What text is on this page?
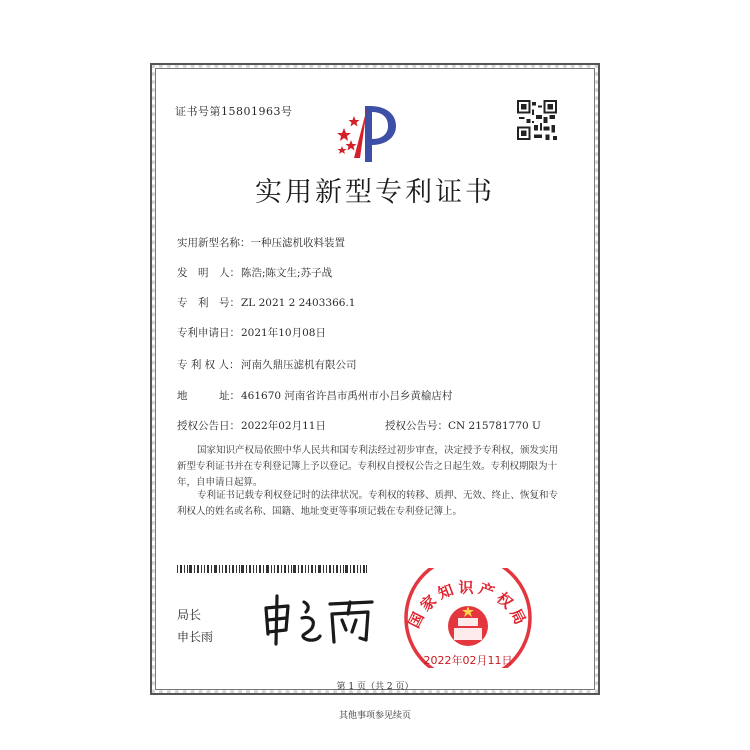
证书号第15801963号
实用新型专利证书
实用新型名称：一种压滤机收料装置
发　明　人：陈浩;陈文生;苏子战
专　利　号：ZL 2021 2 2403366.1
专利申请日：2021年10月08日
专 利 权 人：河南久鼎压滤机有限公司
地　　　址：461670 河南省许昌市禹州市小吕乡黄榆店村
授权公告日：2022年02月11日	授权公告号：CN 215781770 U
国家知识产权局依照中华人民共和国专利法经过初步审查，决定授予专利权，颁发实用
新型专利证书并在专利登记簿上予以登记。专利权自授权公告之日起生效。专利权期限为十
年，自申请日起算。
专利证书记载专利权登记时的法律状况。专利权的转移、质押、无效、终止、恢复和专
利权人的姓名或名称、国籍、地址变更等事项记载在专利登记簿上。
局长
申长雨
国家知识产权局
2022年02月11日
第 1 页（共 2 页）
其他事项参见续页
